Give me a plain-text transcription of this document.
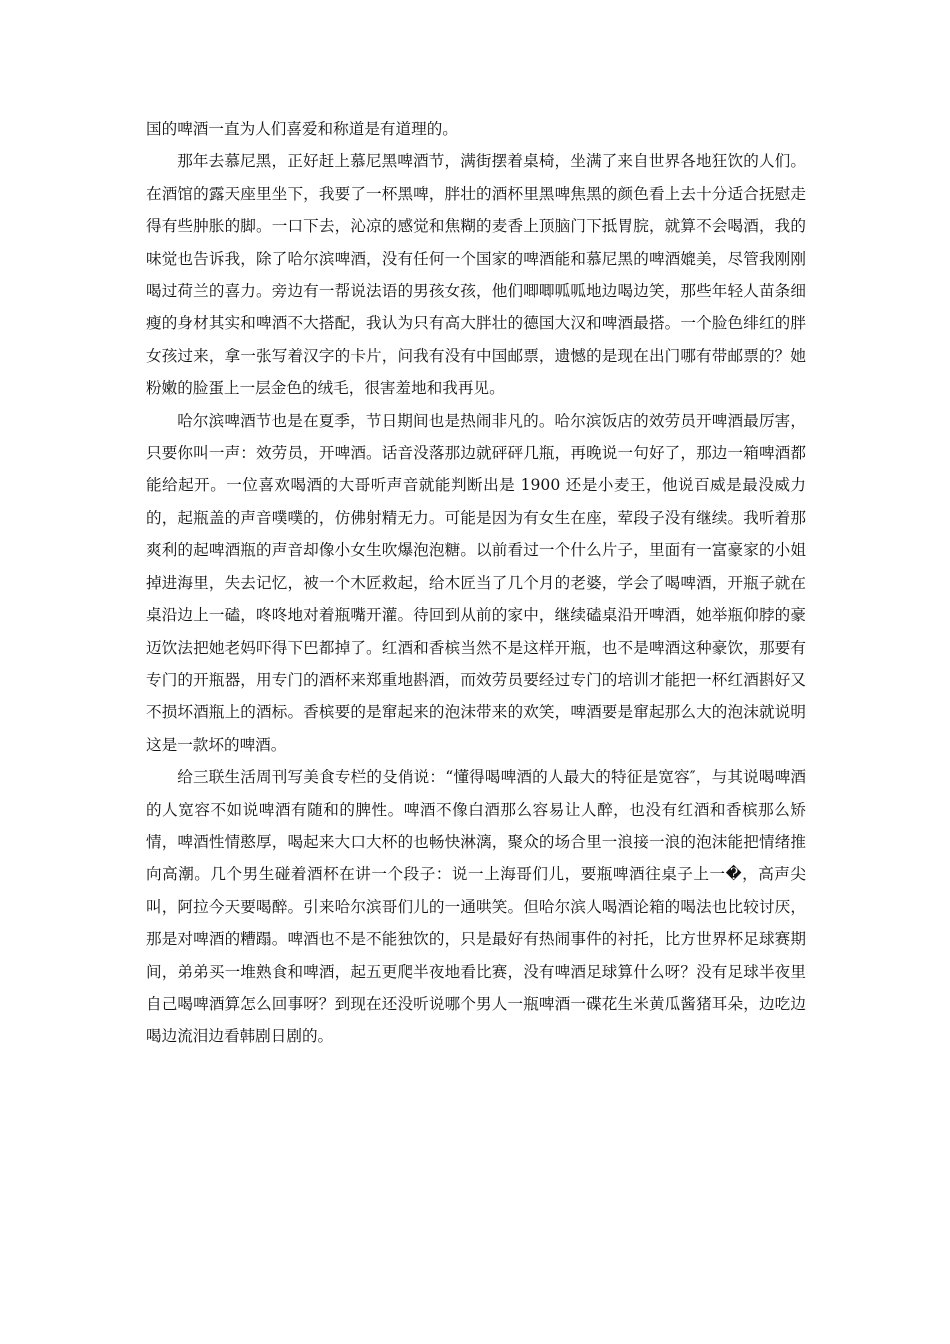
国的啤酒一直为人们喜爱和称道是有道理的。

那年去慕尼黑，正好赶上慕尼黑啤酒节，满街摆着桌椅，坐满了来自世界各地狂饮的人们。在酒馆的露天座里坐下，我要了一杯黑啤，胖壮的酒杯里黑啤焦黑的颜色看上去十分适合抚慰走得有些肿胀的脚。一口下去，沁凉的感觉和焦糊的麦香上顶脑门下抵胃脘，就算不会喝酒，我的味觉也告诉我，除了哈尔滨啤酒，没有任何一个国家的啤酒能和慕尼黑的啤酒媲美，尽管我刚刚喝过荷兰的喜力。旁边有一帮说法语的男孩女孩，他们唧唧呱呱地边喝边笑，那些年轻人苗条细瘦的身材其实和啤酒不大搭配，我认为只有高大胖壮的德国大汉和啤酒最搭。一个脸色绯红的胖女孩过来，拿一张写着汉字的卡片，问我有没有中国邮票，遗憾的是现在出门哪有带邮票的？她粉嫩的脸蛋上一层金色的绒毛，很害羞地和我再见。

哈尔滨啤酒节也是在夏季，节日期间也是热闹非凡的。哈尔滨饭店的效劳员开啤酒最厉害，只要你叫一声：效劳员，开啤酒。话音没落那边就砰砰几瓶，再晚说一句好了，那边一箱啤酒都能给起开。一位喜欢喝酒的大哥听声音就能判断出是 1900 还是小麦王，他说百威是最没威力的，起瓶盖的声音噗噗的，仿佛射精无力。可能是因为有女生在座，荤段子没有继续。我听着那爽利的起啤酒瓶的声音却像小女生吹爆泡泡糖。以前看过一个什么片子，里面有一富豪家的小姐掉进海里，失去记忆，被一个木匠救起，给木匠当了几个月的老婆，学会了喝啤酒，开瓶子就在桌沿边上一磕，咚咚地对着瓶嘴开灌。待回到从前的家中，继续磕桌沿开啤酒，她举瓶仰脖的豪迈饮法把她老妈吓得下巴都掉了。红酒和香槟当然不是这样开瓶，也不是啤酒这种豪饮，那要有专门的开瓶器，用专门的酒杯来郑重地斟酒，而效劳员要经过专门的培训才能把一杯红酒斟好又不损坏酒瓶上的酒标。香槟要的是窜起来的泡沫带来的欢笑，啤酒要是窜起那么大的泡沫就说明这是一款坏的啤酒。

给三联生活周刊写美食专栏的殳俏说：“懂得喝啤酒的人最大的特征是宽容″，与其说喝啤酒的人宽容不如说啤酒有随和的脾性。啤酒不像白酒那么容易让人醉，也没有红酒和香槟那么矫情，啤酒性情憨厚，喝起来大口大杯的也畅快淋漓，聚众的场合里一浪接一浪的泡沫能把情绪推向高潮。几个男生碰着酒杯在讲一个段子：说一上海哥们儿，要瓶啤酒往桌子上一�，高声尖叫，阿拉今天要喝醉。引来哈尔滨哥们儿的一通哄笑。但哈尔滨人喝酒论箱的喝法也比较讨厌，那是对啤酒的糟蹋。啤酒也不是不能独饮的，只是最好有热闹事件的衬托，比方世界杯足球赛期间，弟弟买一堆熟食和啤酒，起五更爬半夜地看比赛，没有啤酒足球算什么呀？没有足球半夜里自己喝啤酒算怎么回事呀？到现在还没听说哪个男人一瓶啤酒一碟花生米黄瓜酱猪耳朵，边吃边喝边流泪边看韩剧日剧的。
